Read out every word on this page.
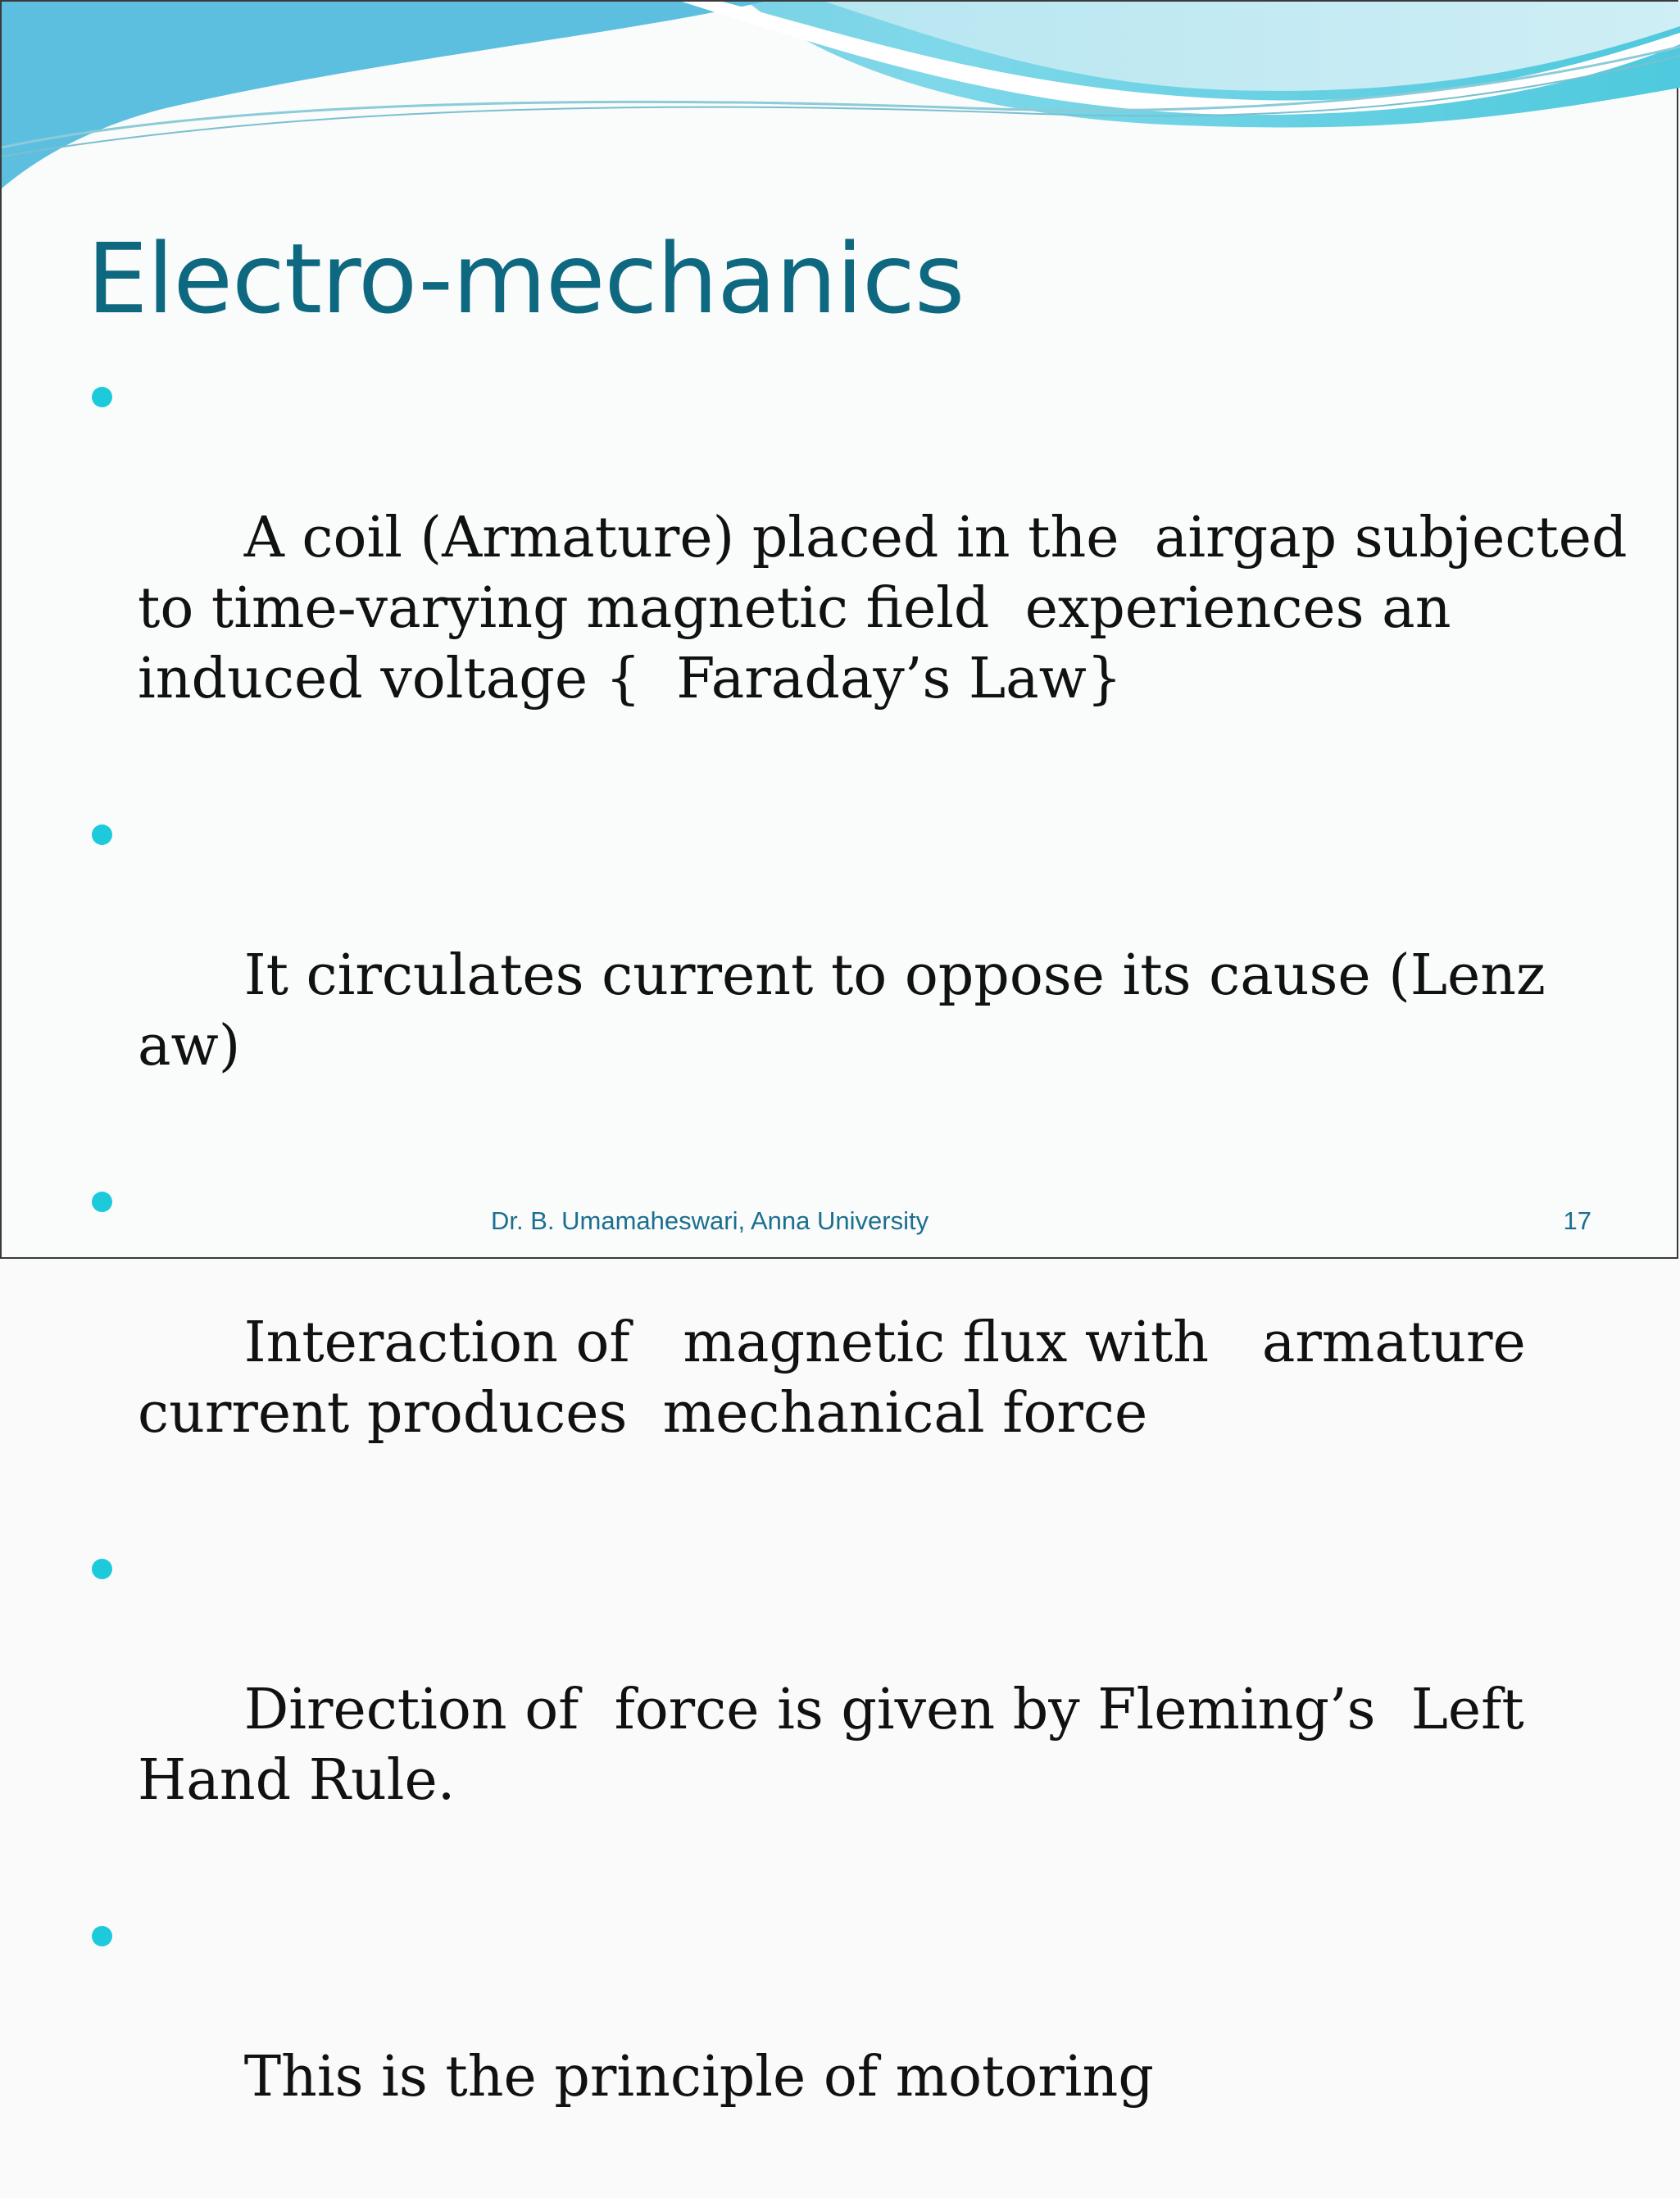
Electro-mechanics

A coil (Armature) placed in the  airgap subjected to time-varying magnetic field  experiences an induced voltage {  Faraday’s Law}

It circulates current to oppose its cause (Lenz aw)

Interaction of   magnetic flux with   armature current produces  mechanical force

Direction of  force is given by Fleming’s  Left Hand Rule.

This is the principle of motoring

Dr. B. Umamaheswari, Anna University	17
